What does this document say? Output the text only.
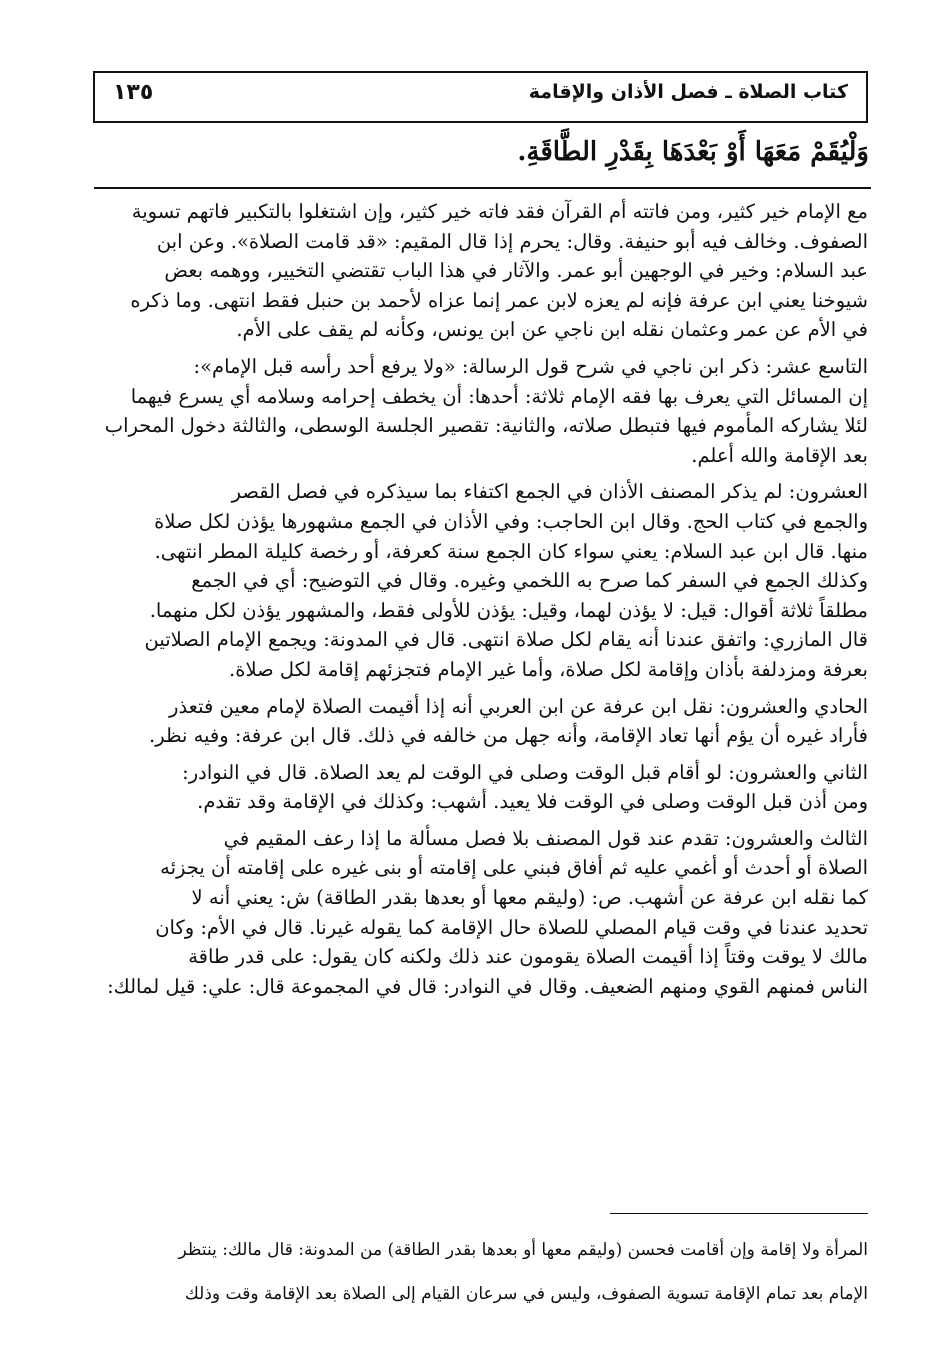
كتاب الصلاة ـ فصل الأذان والإقامة
١٣٥
وَلْيُقَمْ مَعَهَا أَوْ بَعْدَهَا بِقَدْرِ الطَّاقَةِ.
مع الإمام خير كثير، ومن فاتته أم القرآن فقد فاته خير كثير، وإن اشتغلوا بالتكبير فاتهم تسوية
الصفوف. وخالف فيه أبو حنيفة. وقال: يحرم إذا قال المقيم: «قد قامت الصلاة». وعن ابن
عبد السلام: وخير في الوجهين أبو عمر. والآثار في هذا الباب تقتضي التخيير، ووهمه بعض
شيوخنا يعني ابن عرفة فإنه لم يعزه لابن عمر إنما عزاه لأحمد بن حنبل فقط انتهى. وما ذكره
في الأم عن عمر وعثمان نقله ابن ناجي عن ابن يونس، وكأنه لم يقف على الأم.
التاسع عشر: ذكر ابن ناجي في شرح قول الرسالة: «ولا يرفع أحد رأسه قبل الإمام»:
إن المسائل التي يعرف بها فقه الإمام ثلاثة: أحدها: أن يخطف إحرامه وسلامه أي يسرع فيهما
لئلا يشاركه المأموم فيها فتبطل صلاته، والثانية: تقصير الجلسة الوسطى، والثالثة دخول المحراب
بعد الإقامة والله أعلم.
العشرون: لم يذكر المصنف الأذان في الجمع اكتفاء بما سيذكره في فصل القصر
والجمع في كتاب الحج. وقال ابن الحاجب: وفي الأذان في الجمع مشهورها يؤذن لكل صلاة
منها. قال ابن عبد السلام: يعني سواء كان الجمع سنة كعرفة، أو رخصة كليلة المطر انتهى.
وكذلك الجمع في السفر كما صرح به اللخمي وغيره. وقال في التوضيح: أي في الجمع
مطلقاً ثلاثة أقوال: قيل: لا يؤذن لهما، وقيل: يؤذن للأولى فقط، والمشهور يؤذن لكل منهما.
قال المازري: واتفق عندنا أنه يقام لكل صلاة انتهى. قال في المدونة: ويجمع الإمام الصلاتين
بعرفة ومزدلفة بأذان وإقامة لكل صلاة، وأما غير الإمام فتجزئهم إقامة لكل صلاة.
الحادي والعشرون: نقل ابن عرفة عن ابن العربي أنه إذا أقيمت الصلاة لإمام معين فتعذر
فأراد غيره أن يؤم أنها تعاد الإقامة، وأنه جهل من خالفه في ذلك. قال ابن عرفة: وفيه نظر.
الثاني والعشرون: لو أقام قبل الوقت وصلى في الوقت لم يعد الصلاة. قال في النوادر:
ومن أذن قبل الوقت وصلى في الوقت فلا يعيد. أشهب: وكذلك في الإقامة وقد تقدم.
الثالث والعشرون: تقدم عند قول المصنف بلا فصل مسألة ما إذا رعف المقيم في
الصلاة أو أحدث أو أغمي عليه ثم أفاق فبني على إقامته أو بنى غيره على إقامته أن يجزئه
كما نقله ابن عرفة عن أشهب. ص: (وليقم معها أو بعدها بقدر الطاقة) ش: يعني أنه لا
تحديد عندنا في وقت قيام المصلي للصلاة حال الإقامة كما يقوله غيرنا. قال في الأم: وكان
مالك لا يوقت وقتاً إذا أقيمت الصلاة يقومون عند ذلك ولكنه كان يقول: على قدر طاقة
الناس فمنهم القوي ومنهم الضعيف. وقال في النوادر: قال في المجموعة قال: علي: قيل لمالك:
المرأة ولا إقامة وإن أقامت فحسن (وليقم معها أو بعدها بقدر الطاقة) من المدونة: قال مالك: ينتظر
الإمام بعد تمام الإقامة تسوية الصفوف، وليس في سرعان القيام إلى الصلاة بعد الإقامة وقت وذلك
